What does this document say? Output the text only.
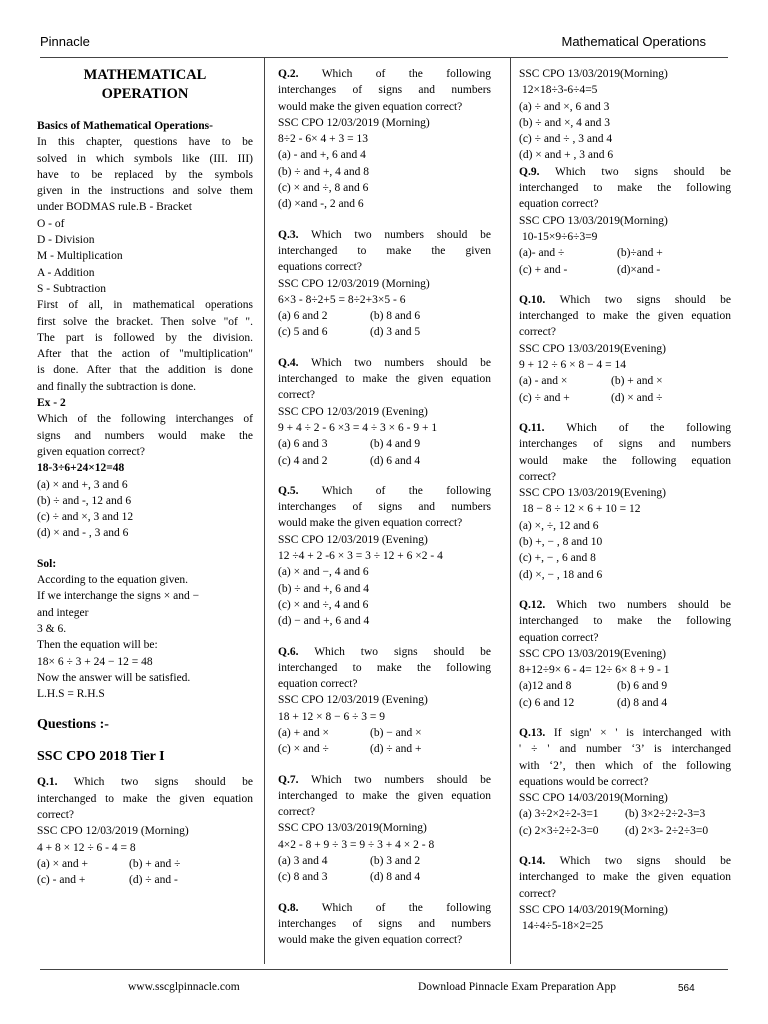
Pinnacle	Mathematical Operations
MATHEMATICAL
OPERATION
Basics of Mathematical Operations-
In this chapter, questions have to be
solved in which symbols like (III. III)
have to be replaced by the symbols
given in the instructions and solve them
under BODMAS rule.B - Bracket
O - of
D - Division
M - Multiplication
A - Addition
S - Subtraction
First of all, in mathematical operations
first solve the bracket. Then solve "of ".
The part is followed by the division.
After that the action of "multiplication"
is done. After that the addition is done
and finally the subtraction is done.
Ex - 2
Which of the following interchanges of
signs and numbers would make the
given equation correct?
18-3÷6+24×12=48
(a) × and +, 3 and 6
(b) ÷ and -, 12 and 6
(c) ÷ and ×, 3 and 12
(d) × and - , 3 and 6
Sol:
According to the equation given.
If we interchange the signs × and −
and integer
3 & 6.
Then the equation will be:
18× 6 ÷ 3 + 24 − 12 = 48
Now the answer will be satisfied.
L.H.S = R.H.S
Questions :-
SSC CPO 2018 Tier I
Q.1. Which two signs should be
interchanged to make the given equation
correct?
SSC CPO 12/03/2019 (Morning)
4 + 8 × 12 ÷ 6 - 4 = 8
(a) × and +	(b) + and ÷
(c) - and +	(d) ÷ and -
Q.2. Which of the following
interchanges of signs and numbers
would make the given equation correct?
SSC CPO 12/03/2019 (Morning)
8÷2 - 6× 4 + 3 = 13
(a) - and +, 6 and 4
(b) ÷ and +, 4 and 8
(c) × and ÷, 8 and 6
(d) ×and -, 2 and 6
Q.3. Which two numbers should be
interchanged to make the given
equations correct?
SSC CPO 12/03/2019 (Morning)
6×3 - 8÷2+5 = 8÷2+3×5 - 6
(a) 6 and 2	(b) 8 and 6
(c) 5 and 6	(d) 3 and 5
Q.4. Which two numbers should be
interchanged to make the given equation
correct?
SSC CPO 12/03/2019 (Evening)
9 + 4 ÷ 2 - 6 ×3 = 4 ÷ 3 × 6 - 9 + 1
(a) 6 and 3	(b) 4 and 9
(c) 4 and 2	(d) 6 and 4
Q.5. Which of the following
interchanges of signs and numbers
would make the given equation correct?
SSC CPO 12/03/2019 (Evening)
12 ÷4 + 2 -6 × 3 = 3 ÷ 12 + 6 ×2 - 4
(a) × and −, 4 and 6
(b) ÷ and +, 6 and 4
(c) × and ÷, 4 and 6
(d) − and +, 6 and 4
Q.6. Which two signs should be
interchanged to make the following
equation correct?
SSC CPO 12/03/2019 (Evening)
18 + 12 × 8 − 6 ÷ 3 = 9
(a) + and ×	(b) − and ×
(c) × and ÷	(d) ÷ and +
Q.7. Which two numbers should be
interchanged to make the given equation
correct?
SSC CPO 13/03/2019(Morning)
4×2 - 8 + 9 ÷ 3 = 9 ÷ 3 + 4 × 2 - 8
(a) 3 and 4	(b) 3 and 2
(c) 8 and 3	(d) 8 and 4
Q.8. Which of the following
interchanges of signs and numbers
would make the given equation correct?
SSC CPO 13/03/2019(Morning)
12×18÷3-6÷4=5
(a) ÷ and ×, 6 and 3
(b) ÷ and ×, 4 and 3
(c) ÷ and ÷ , 3 and 4
(d) × and + , 3 and 6
Q.9. Which two signs should be
interchanged to make the following
equation correct?
SSC CPO 13/03/2019(Morning)
10-15×9÷6÷3=9
(a)- and ÷	(b)÷and +
(c) + and -	(d)×and -
Q.10. Which two signs should be
interchanged to make the given equation
correct?
SSC CPO 13/03/2019(Evening)
9 + 12 ÷ 6 × 8 − 4 = 14
(a) - and ×	(b) + and ×
(c) ÷ and +	(d) × and ÷
Q.11. Which of the following
interchanges of signs and numbers
would make the following equation
correct?
SSC CPO 13/03/2019(Evening)
18 − 8 ÷ 12 × 6 + 10 = 12
(a) ×, ÷, 12 and 6
(b) +, − , 8 and 10
(c) +, − , 6 and 8
(d) ×, − , 18 and 6
Q.12. Which two numbers should be
interchanged to make the following
equation correct?
SSC CPO 13/03/2019(Evening)
8+12÷9× 6 - 4= 12÷ 6× 8 + 9 - 1
(a)12 and 8	(b) 6 and 9
(c) 6 and 12	(d) 8 and 4
Q.13. If sign' × ' is interchanged with
' ÷ ' and number ‘3’ is interchanged
with ‘2’, then which of the following
equations would be correct?
SSC CPO 14/03/2019(Morning)
(a) 3÷2×2÷2-3=1	(b) 3×2÷2÷2-3=3
(c) 2×3÷2÷2-3=0	(d) 2×3- 2÷2÷3=0
Q.14. Which two signs should be
interchanged to make the given equation
correct?
SSC CPO 14/03/2019(Morning)
14÷4÷5-18×2=25
www.sscglpinnacle.com	Download Pinnacle Exam Preparation App	564
